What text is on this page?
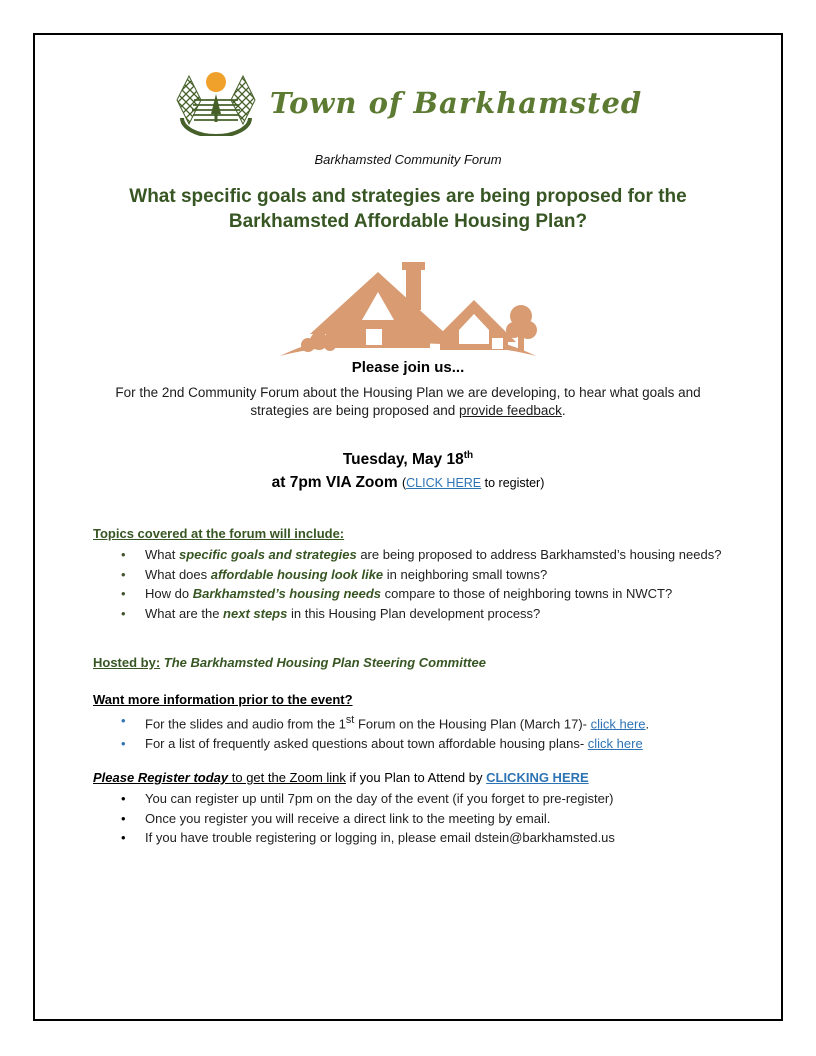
Town of Barkhamsted
Barkhamsted Community Forum
What specific goals and strategies are being proposed for the
Barkhamsted Affordable Housing Plan?
Please join us...

For the 2nd Community Forum about the Housing Plan we are developing, to hear what goals and strategies are being proposed and provide feedback.

Tuesday, May 18th
at 7pm VIA Zoom (CLICK HERE to register)
Topics covered at the forum will include:
• What specific goals and strategies are being proposed to address Barkhamsted’s housing needs?
• What does affordable housing look like in neighboring small towns?
• How do Barkhamsted’s housing needs compare to those of neighboring towns in NWCT?
• What are the next steps in this Housing Plan development process?
Hosted by: The Barkhamsted Housing Plan Steering Committee
Want more information prior to the event?
• For the slides and audio from the 1st Forum on the Housing Plan (March 17)- click here.
• For a list of frequently asked questions about town affordable housing plans- click here
Please Register today to get the Zoom link if you Plan to Attend by CLICKING HERE
• You can register up until 7pm on the day of the event (if you forget to pre-register)
• Once you register you will receive a direct link to the meeting by email.
• If you have trouble registering or logging in, please email dstein@barkhamsted.us
